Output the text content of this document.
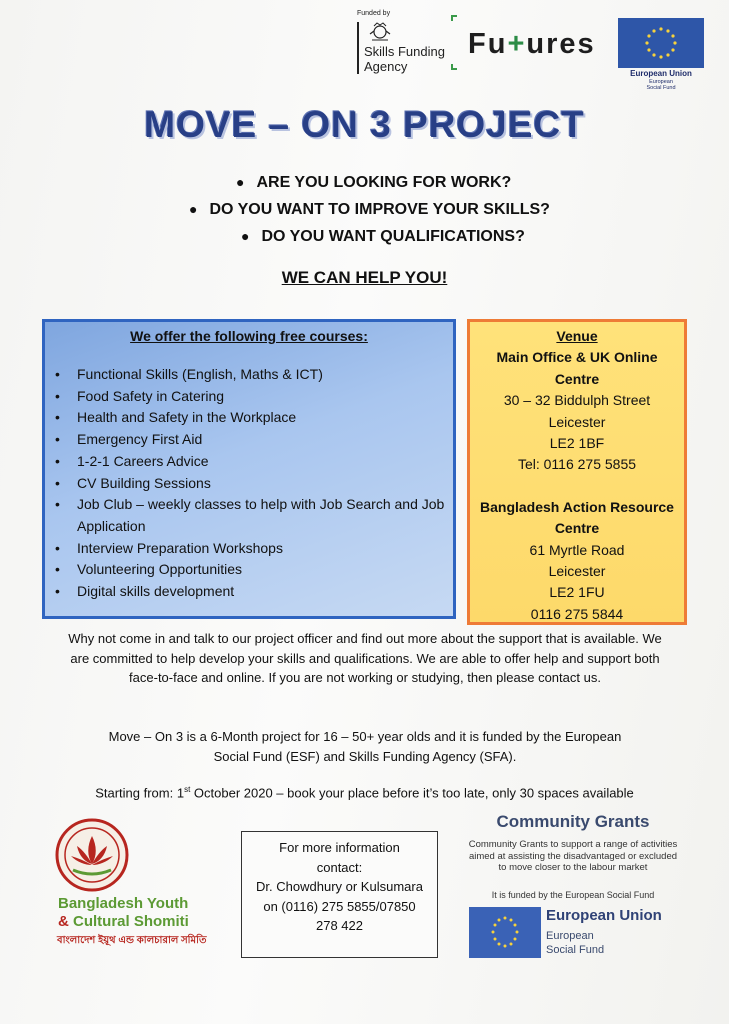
Funded by
Skills Funding
Agency
Fu+ures
European Union
European
Social Fund
MOVE – ON 3 PROJECT
● ARE YOU LOOKING FOR WORK?
● DO YOU WANT TO IMPROVE YOUR SKILLS?
● DO YOU WANT QUALIFICATIONS?
WE CAN HELP YOU!
We offer the following free courses:
• Functional Skills (English, Maths & ICT)
• Food Safety in Catering
• Health and Safety in the Workplace
• Emergency First Aid
• 1-2-1 Careers Advice
• CV Building Sessions
• Job Club – weekly classes to help with Job Search and Job Application
• Interview Preparation Workshops
• Volunteering Opportunities
• Digital skills development
Venue
Main Office & UK Online
Centre
30 – 32 Biddulph Street
Leicester
LE2 1BF
Tel: 0116 275 5855
Bangladesh Action Resource
Centre
61 Myrtle Road
Leicester
LE2 1FU
0116 275 5844
Why not come in and talk to our project officer and find out more about the support that is available. We are committed to help develop your skills and qualifications. We are able to offer help and support both face-to-face and online. If you are not working or studying, then please contact us.
Move – On 3 is a 6-Month project for 16 – 50+ year olds and it is funded by the European Social Fund (ESF) and Skills Funding Agency (SFA).
Starting from: 1st October 2020 – book your place before it’s too late, only 30 spaces available
Bangladesh Youth
& Cultural Shomiti
বাংলাদেশ ইয়ূথ এন্ড কালচারাল সমিতি
For more information
contact:
Dr. Chowdhury or Kulsumara
on (0116) 275 5855/07850
278 422
Community Grants
Community Grants to support a range of activities
aimed at assisting the disadvantaged or excluded
to move closer to the labour market
It is funded by the European Social Fund
European Union
European
Social Fund
